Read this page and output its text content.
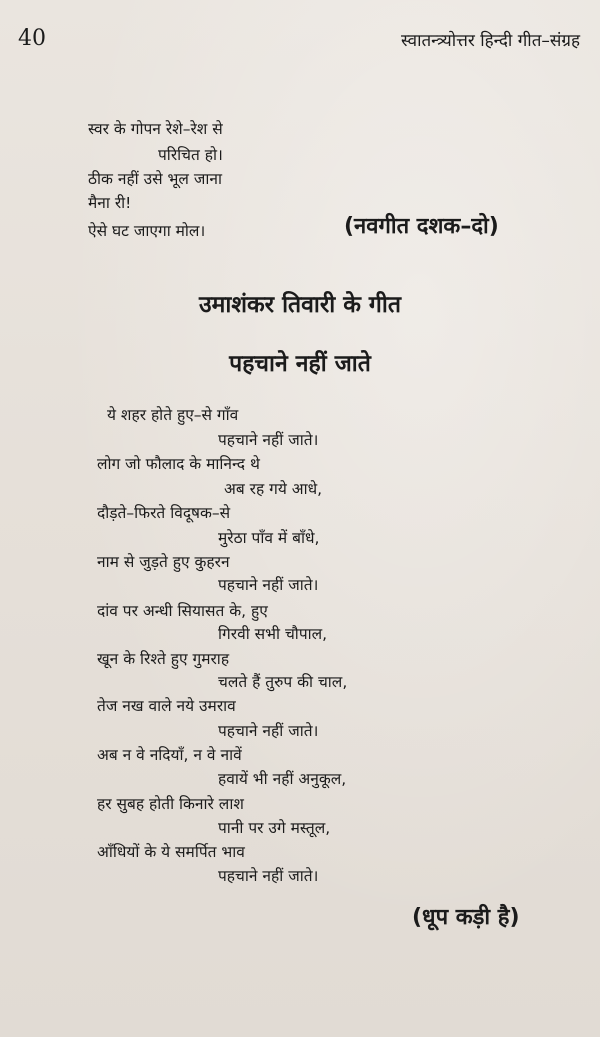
40	स्वातन्त्र्योत्तर हिन्दी गीत–संग्रह
स्वर के गोपन रेशे–रेश से
परिचित हो।
ठीक नहीं उसे भूल जाना
मैना री!
ऐसे घट जाएगा मोल।	(नवगीत दशक–दो)
उमाशंकर तिवारी के गीत
पहचाने नहीं जाते
ये शहर होते हुए–से गाँव
पहचाने नहीं जाते।
लोग जो फौलाद के मानिन्द थे
अब रह गये आधे,
दौड़ते–फिरते विदूषक–से
मुरेठा पाँव में बाँधे,
नाम से जुड़ते हुए कुहरन
पहचाने नहीं जाते।
दांव पर अन्धी सियासत के, हुए
गिरवी सभी चौपाल,
खून के रिश्ते हुए गुमराह
चलते हैं तुरुप की चाल,
तेज नख वाले नये उमराव
पहचाने नहीं जाते।
अब न वे नदियाँ, न वे नावें
हवायें भी नहीं अनुकूल,
हर सुबह होती किनारे लाश
पानी पर उगे मस्तूल,
आँधियों के ये समर्पित भाव
पहचाने नहीं जाते।
(धूप कड़ी है)
